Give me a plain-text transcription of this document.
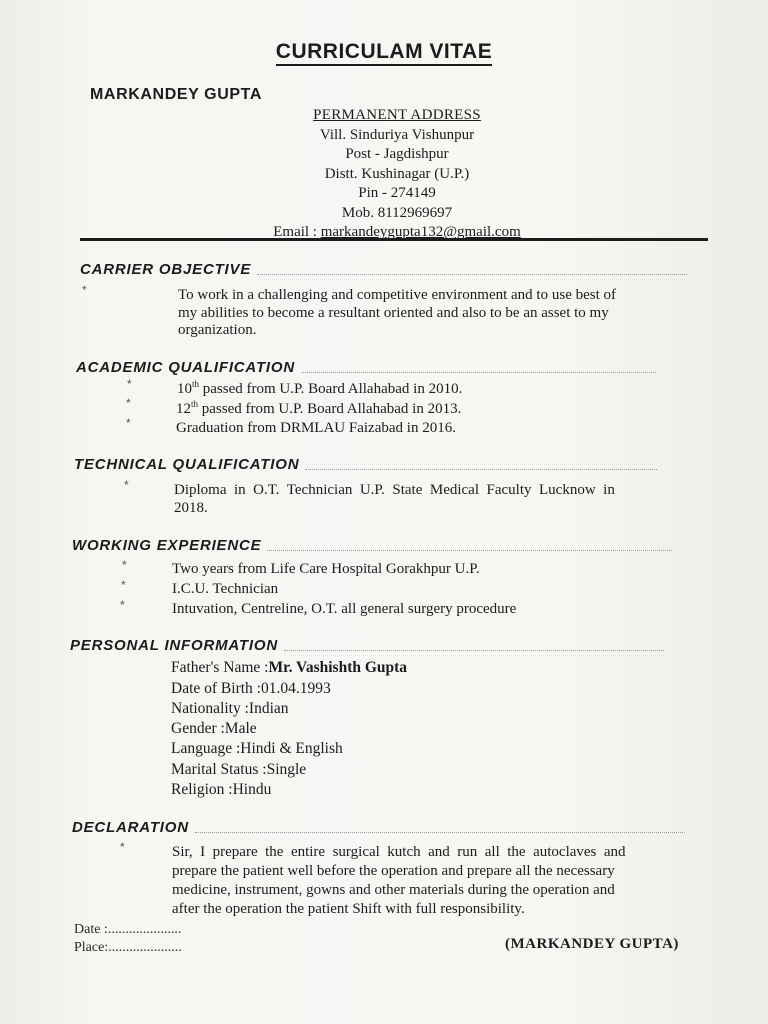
CURRICULAM VITAE
MARKANDEY GUPTA
PERMANENT ADDRESS
Vill. Sinduriya Vishunpur
Post - Jagdishpur
Distt. Kushinagar (U.P.)
Pin - 274149
Mob. 8112969697
Email : markandeygupta132@gmail.com
CARRIER OBJECTIVE
*	To work in a challenging and competitive environment and to use best of
my abilities to become a resultant oriented and also to be an asset to my
organization.
ACADEMIC QUALIFICATION
*	10th passed from U.P. Board Allahabad in 2010.
*	12th passed from U.P. Board Allahabad in 2013.
*	Graduation from DRMLAU Faizabad in 2016.
TECHNICAL QUALIFICATION
*	Diploma  in  O.T.  Technician  U.P.  State  Medical  Faculty  Lucknow  in
2018.
WORKING EXPERIENCE
*	Two years from Life Care Hospital Gorakhpur U.P.
*	I.C.U. Technician
*	Intuvation, Centreline, O.T. all general surgery procedure
PERSONAL INFORMATION
Father's Name :Mr. Vashishth Gupta
Date of Birth :01.04.1993
Nationality :Indian
Gender :Male
Language :Hindi & English
Marital Status :Single
Religion :Hindu
DECLARATION
*	Sir,  I  prepare  the  entire  surgical  kutch  and  run  all  the  autoclaves  and
prepare the patient well before the operation and prepare all the necessary
medicine, instrument, gowns and other materials during the operation and
after the operation the patient Shift with full responsibility.
Date :.....................
Place:.....................	(MARKANDEY GUPTA)
